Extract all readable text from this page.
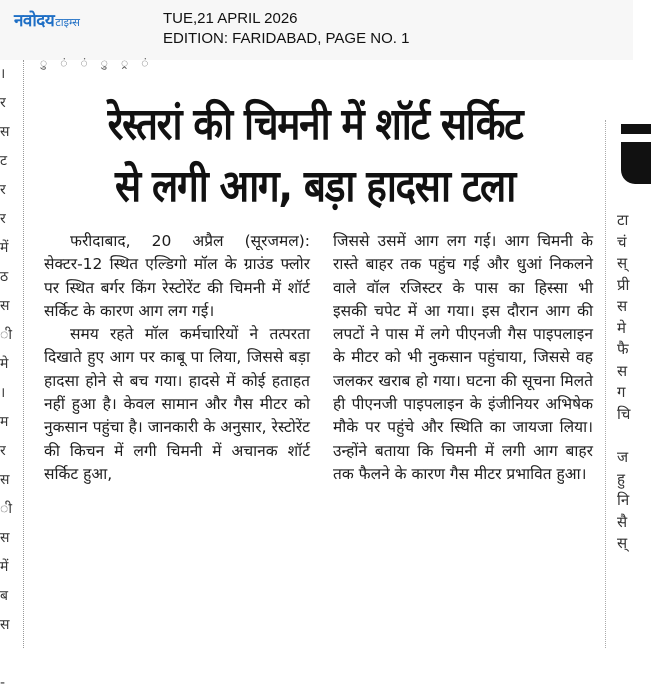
नवोदय टाइम्स	TUE,21 APRIL 2026
EDITION: FARIDABAD, PAGE NO. 1
।
र
स
ट
र
र
में
ठ
स
ी
मे
।
म
र
स
ी
स
में
ब
स

-
ु ं ं ु ्र ं
रेस्तरां की चिमनी में शॉर्ट सर्किट
से लगी आग, बड़ा हादसा टला

फरीदाबाद, 20 अप्रैल (सूरजमल): सेक्टर-12 स्थित एल्डिगो मॉल के ग्राउंड फ्लोर पर स्थित बर्गर किंग रेस्टोरेंट की चिमनी में शॉर्ट सर्किट के कारण आग लग गई।

समय रहते मॉल कर्मचारियों ने तत्परता दिखाते हुए आग पर काबू पा लिया, जिससे बड़ा हादसा होने से बच गया। हादसे में कोई हताहत नहीं हुआ है। केवल सामान और गैस मीटर को नुकसान पहुंचा है। जानकारी के अनुसार, रेस्टोरेंट की किचन में लगी चिमनी में अचानक शॉर्ट सर्किट हुआ,

जिससे उसमें आग लग गई। आग चिमनी के रास्ते बाहर तक पहुंच गई और धुआं निकलने वाले वॉल रजिस्टर के पास का हिस्सा भी इसकी चपेट में आ गया। इस दौरान आग की लपटों ने पास में लगे पीएनजी गैस पाइपलाइन के मीटर को भी नुकसान पहुंचाया, जिससे वह जलकर खराब हो गया। घटना की सूचना मिलते ही पीएनजी पाइपलाइन के इंजीनियर अभिषेक मौके पर पहुंचे और स्थिति का जायजा लिया। उन्होंने बताया कि चिमनी में लगी आग बाहर तक फैलने के कारण गैस मीटर प्रभावित हुआ।

टा
चं
स्
प्री
स
मे
फै
स
ग
चि

ज
हु
नि
सै
स्
